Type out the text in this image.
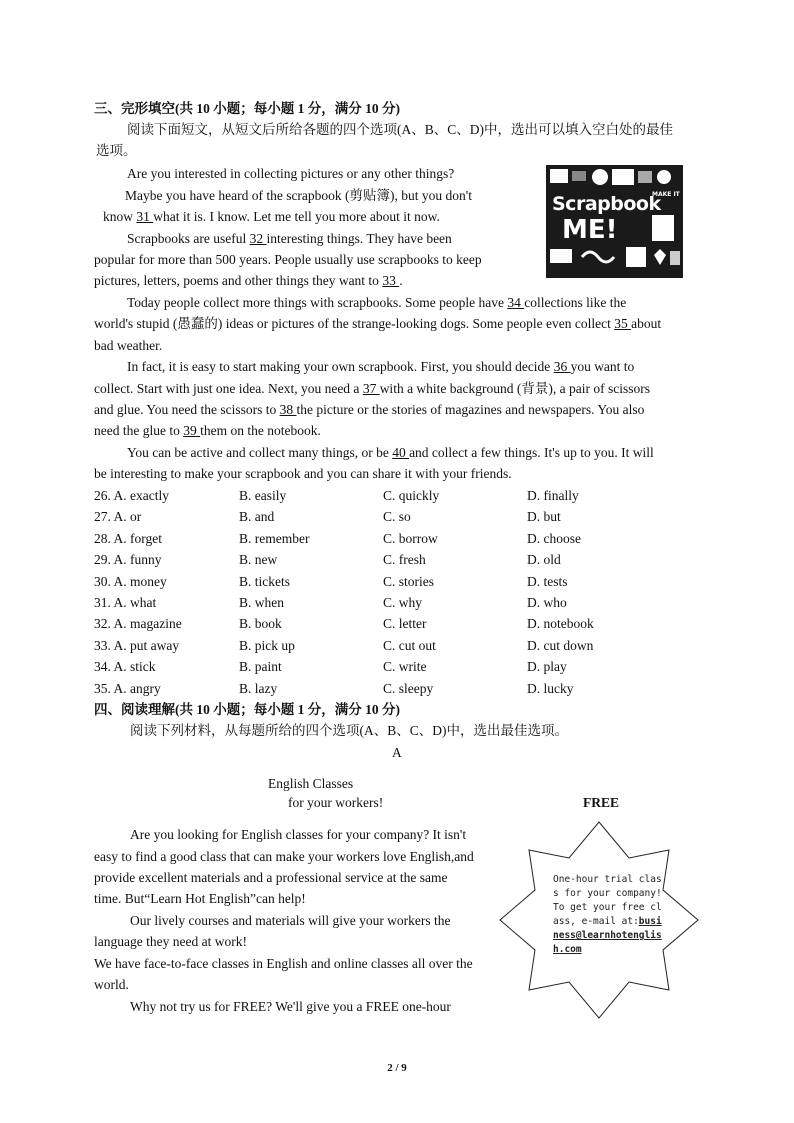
三、完形填空(共 10 小题；每小题 1 分，满分 10 分)
阅读下面短文，从短文后所给各题的四个选项(A、B、C、D)中，选出可以填入空白处的最佳
选项。
Are you interested in collecting pictures or any other things?
Maybe you have heard of the scrapbook (剪贴簿), but you don't
know 31 what it is. I know. Let me tell you more about it now.
Scrapbooks are useful 32 interesting things. They have been
popular for more than 500 years. People usually use scrapbooks to keep
pictures, letters, poems and other things they want to 33 .
Today people collect more things with scrapbooks. Some people have 34 collections like the
world's stupid (愚蠢的) ideas or pictures of the strange-looking dogs. Some people even collect 35 about
bad weather.
In fact, it is easy to start making your own scrapbook. First, you should decide 36 you want to
collect. Start with just one idea. Next, you need a 37 with a white background (背景), a pair of scissors
and glue. You need the scissors to 38 the picture or the stories of magazines and newspapers. You also
need the glue to 39 them on the notebook.
You can be active and collect many things, or be 40 and collect a few things. It's up to you. It will
be interesting to make your scrapbook and you can share it with your friends.
Scrapbook
MAKE IT
ME!
26. A. exactly	B. easily	C. quickly	D. finally
27. A. or	B. and	C. so	D. but
28. A. forget	B. remember	C. borrow	D. choose
29. A. funny	B. new	C. fresh	D. old
30. A. money	B. tickets	C. stories	D. tests
31. A. what	B. when	C. why	D. who
32. A. magazine	B. book	C. letter	D. notebook
33. A. put away	B. pick up	C. cut out	D. cut down
34. A. stick	B. paint	C. write	D. play
35. A. angry	B. lazy	C. sleepy	D. lucky
四、阅读理解(共 10 小题；每小题 1 分，满分 10 分)
阅读下列材料，从每题所给的四个选项(A、B、C、D)中，选出最佳选项。
A
English Classes
for your workers!	FREE
Are you looking for English classes for your company? It isn't
easy to find a good class that can make your workers love English,and
provide excellent materials and a professional service at the same
time. But“Learn Hot English”can help!
Our lively courses and materials will give your workers the
language they need at work!
We have face-to-face classes in English and online classes all over the
world.
Why not try us for FREE? We'll give you a FREE one-hour
One-hour trial clas
s for your company!
To get your free cl
ass, e-mail at:busi
ness@learnhotenglis
h.com
2 / 9
